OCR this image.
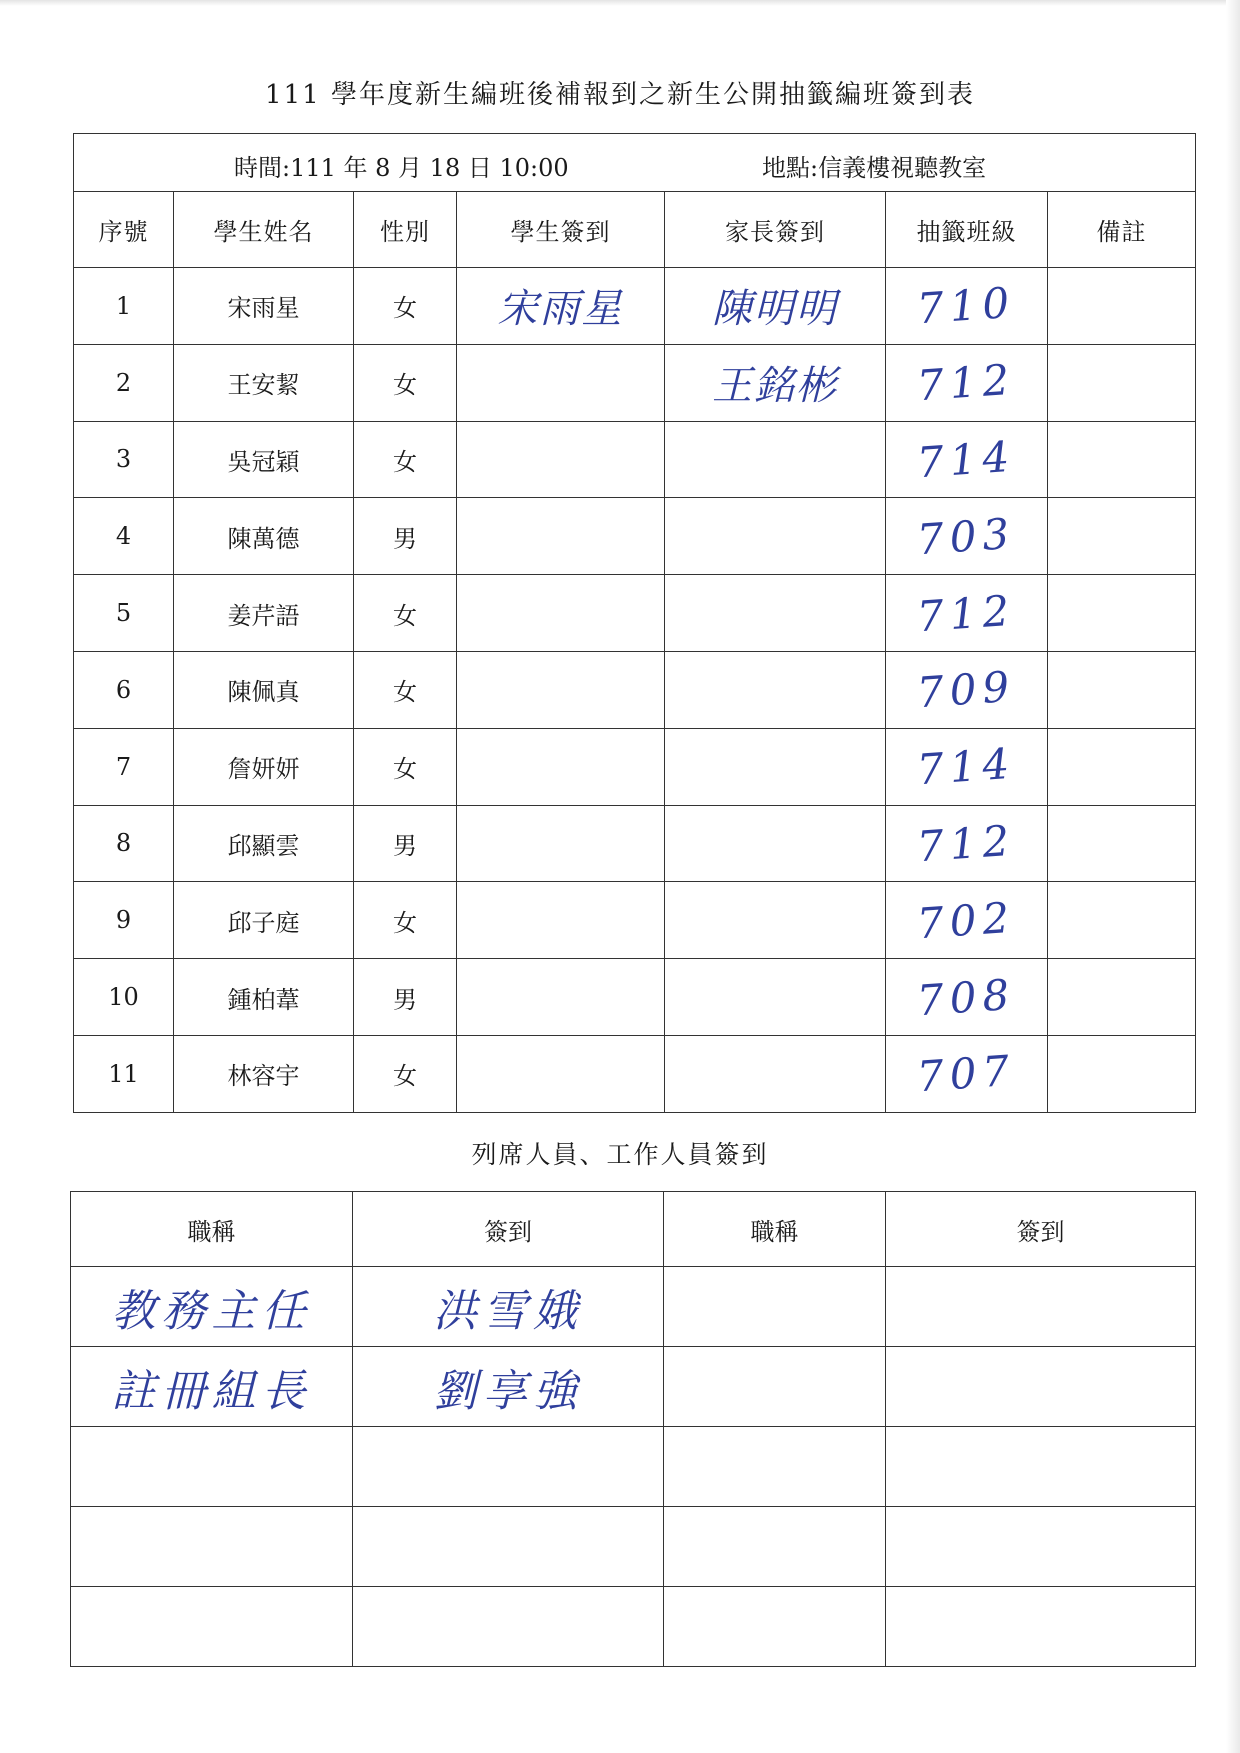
111 學年度新生編班後補報到之新生公開抽籤編班簽到表
時間:111 年 8 月 18 日 10:00 地點:信義樓視聽教室						

序號	學生姓名	性別	學生簽到	家長簽到	抽籤班級	備註
1	宋雨星	女	宋雨星	陳明明	710	
2	王安絜	女		王銘彬	712	
3	吳冠穎	女			714	
4	陳萬德	男			703	
5	姜芹語	女			712	
6	陳佩真	女			709	
7	詹妍妍	女			714	
8	邱顯雲	男			712	
9	邱子庭	女			702	
10	鍾柏葦	男			708	
11	林容宇	女			707	
列席人員、工作人員簽到
職稱	簽到	職稱	簽到
教務主任	洪雪娥		
註冊組長	劉享強		
